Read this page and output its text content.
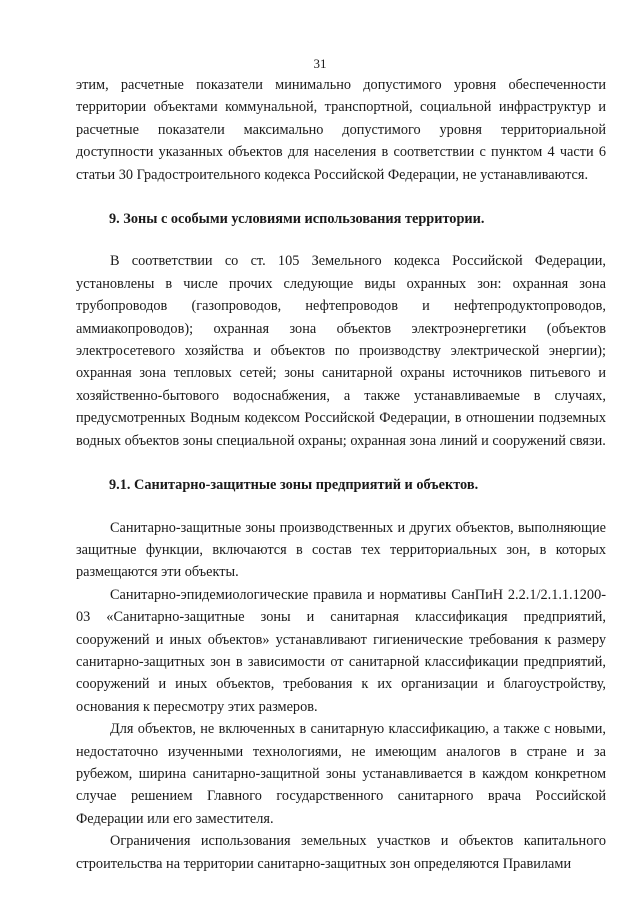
31

этим, расчетные показатели минимально допустимого уровня обеспеченности территории объектами коммунальной, транспортной, социальной инфраструктур и расчетные показатели максимально допустимого уровня территориальной доступности указанных объектов для населения в соответствии с пунктом 4 части 6 статьи 30 Градостроительного кодекса Российской Федерации, не устанавливаются.

9. Зоны с особыми условиями использования территории.

В соответствии со ст. 105 Земельного кодекса Российской Федерации, установлены в числе прочих следующие виды охранных зон: охранная зона трубопроводов (газопроводов, нефтепроводов и нефтепродуктопроводов, аммиакопроводов); охранная зона объектов электроэнергетики (объектов электросетевого хозяйства и объектов по производству электрической энергии); охранная зона тепловых сетей; зоны санитарной охраны источников питьевого и хозяйственно-бытового водоснабжения, а также устанавливаемые в случаях, предусмотренных Водным кодексом Российской Федерации, в отношении подземных водных объектов зоны специальной охраны; охранная зона линий и сооружений связи.

9.1. Санитарно-защитные зоны предприятий и объектов.

Санитарно-защитные зоны производственных и других объектов, выполняющие защитные функции, включаются в состав тех территориальных зон, в которых размещаются эти объекты.

Санитарно-эпидемиологические правила и нормативы СанПиН 2.2.1/2.1.1.1200-03 «Санитарно-защитные зоны и санитарная классификация предприятий, сооружений и иных объектов» устанавливают гигиенические требования к размеру санитарно-защитных зон в зависимости от санитарной классификации предприятий, сооружений и иных объектов, требования к их организации и благоустройству, основания к пересмотру этих размеров.

Для объектов, не включенных в санитарную классификацию, а также с новыми, недостаточно изученными технологиями, не имеющим аналогов в стране и за рубежом, ширина санитарно-защитной зоны устанавливается в каждом конкретном случае решением Главного государственного санитарного врача Российской Федерации или его заместителя.

Ограничения использования земельных участков и объектов капитального строительства на территории санитарно-защитных зон определяются Правилами
